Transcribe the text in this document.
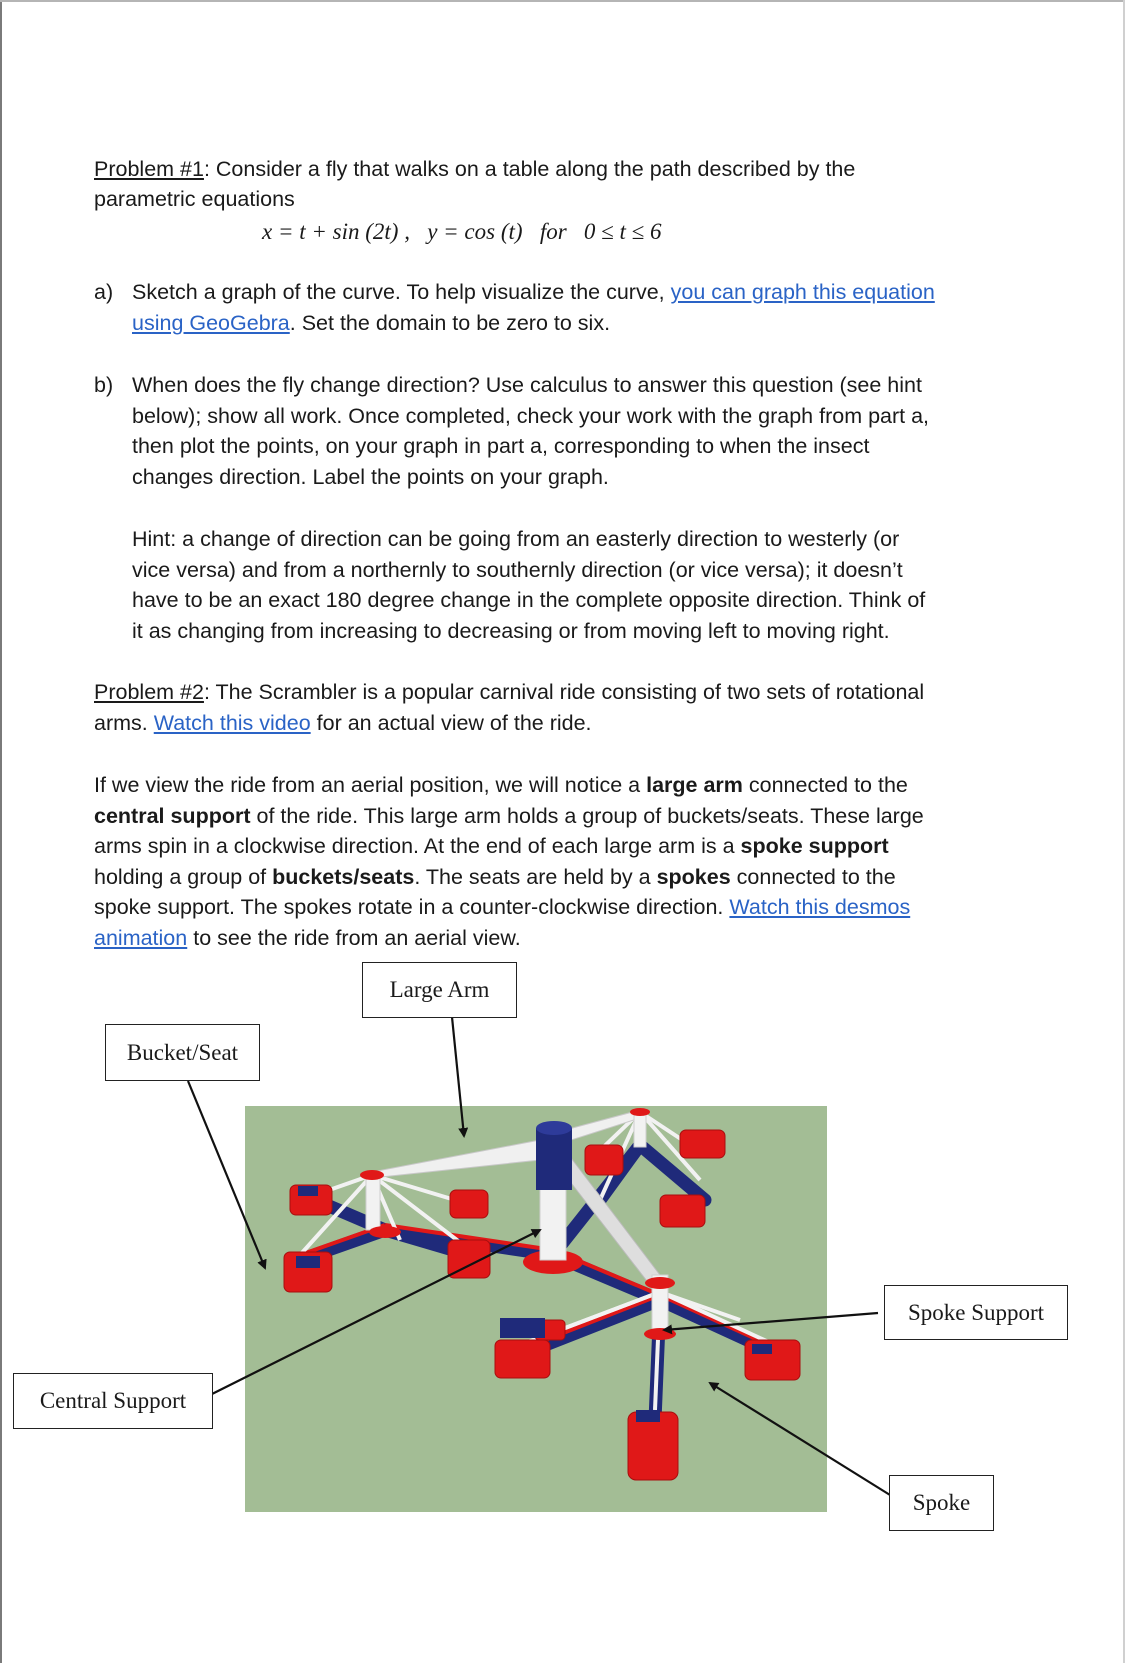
Problem #1: Consider a fly that walks on a table along the path described by the
parametric equations
x = t + sin (2t) , y = cos (t) for 0 ≤ t ≤ 6
a) Sketch a graph of the curve. To help visualize the curve, you can graph this equation
using GeoGebra. Set the domain to be zero to six.
b) When does the fly change direction? Use calculus to answer this question (see hint
below); show all work. Once completed, check your work with the graph from part a,
then plot the points, on your graph in part a, corresponding to when the insect
changes direction. Label the points on your graph.
Hint: a change of direction can be going from an easterly direction to westerly (or
vice versa) and from a northernly to southernly direction (or vice versa); it doesn’t
have to be an exact 180 degree change in the complete opposite direction. Think of
it as changing from increasing to decreasing or from moving left to moving right.
Problem #2: The Scrambler is a popular carnival ride consisting of two sets of rotational
arms. Watch this video for an actual view of the ride.
If we view the ride from an aerial position, we will notice a large arm connected to the
central support of the ride. This large arm holds a group of buckets/seats. These large
arms spin in a clockwise direction. At the end of each large arm is a spoke support
holding a group of buckets/seats. The seats are held by a spokes connected to the
spoke support. The spokes rotate in a counter-clockwise direction. Watch this desmos
animation to see the ride from an aerial view.
Large Arm
Bucket/Seat
Spoke Support
Central Support
Spoke
